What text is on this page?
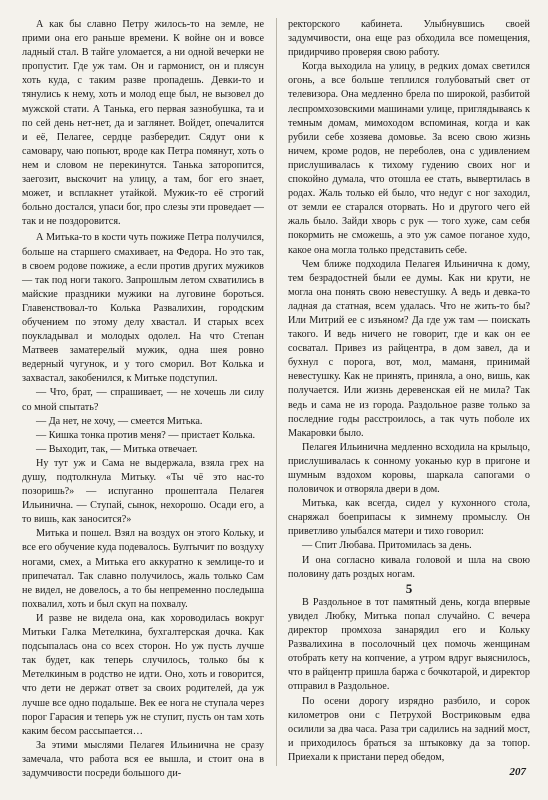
А как бы славно Петру жилось-то на земле, не прими она его раньше времени. К войне он и вовсе ладный стал. В тайге уломается, а ни одной вечерки не пропустит. Где уж там. Он и гармонист, он и плясун хоть куда, с таким разве пропадешь. Девки-то и тянулись к нему, хоть и молод еще был, не вызовел до мужской стати. А Танька, его первая зазнобушка, та и по сей день нет-нет, да и заглянет. Войдет, опечалится и её, Пелагее, сердце разбередит. Сядут они к самовару, чаю попьют, вроде как Петра помянут, хоть о нем и словом не перекинутся. Танька заторопится, заегозит, выскочит на улицу, а там, бог его знает, может, и всплакнет утайкой. Мужик-то её строгий больно достался, упаси бог, про слезы эти проведает — так и не поздоровится.

А Митька-то в кости чуть пожиже Петра получился, больше на старшего смахивает, на Федора. Но это так, в своем родове пожиже, а если против других мужиков — так под ноги такого. Запрошлым летом схватились в майские праздники мужики на луговине бороться. Главенствовал-то Колька Развалихин, городским обучением по этому делу хвастал. И старых всех поукладывал и молодых одолел. На что Степан Матвеев заматерелый мужик, одна шея ровно ведерный чугунок, и у того сморил. Вот Колька и захвастал, закобенился, к Митьке подступил.

— Что, брат, — спрашивает, — не хочешь ли силу со мной спытать?

— Да нет, не хочу, — смеется Митька.

— Кишка тонка против меня? — пристает Колька.

— Выходит, так, — Митька отвечает.

Ну тут уж и Сама не выдержала, взяла грех на душу, подтолкнула Митьку. «Ты чё это нас-то позоришь?» — испуганно прошептала Пелагея Ильинична. — Ступай, сынок, нехорошо. Осади его, а то вишь, как заносится?»

Митька и пошел. Взял на воздух он этого Кольку, и все его обучение куда подевалось. Бултычит по воздуху ногами, смех, а Митька его аккуратно к землице-то и припечатал. Так славно получилось, жаль только Сам не видел, не довелось, а то бы непременно последыша похвалил, хоть и был скуп на похвалу.

И разве не видела она, как хороводилась вокруг Митьки Галка Метелкина, бухгалтерская дочка. Как подсыпалась она со всех сторон. Но уж пусть лучше так будет, как теперь случилось, только бы к Метелкиным в родство не идти. Оно, хоть и говорится, что дети не держат ответ за своих родителей, да уж лучше все одно подальше. Век ее нога не ступала через порог Гарасия и теперь уж не ступит, пусть он там хоть каким бесом рассыпается…

За этими мыслями Пелагея Ильинична не сразу замечала, что работа вся ее вышла, и стоит она в задумчивости посреди большого ди-

ректорского кабинета. Улыбнувшись своей задумчивости, она еще раз обходила все помещения, придирчиво проверяя свою работу.

Когда выходила на улицу, в редких домах светился огонь, а все больше теплился голубоватый свет от телевизора. Она медленно брела по широкой, разбитой леспромхозовскими машинами улице, приглядываясь к темным домам, мимоходом вспоминая, когда и как рубили себе хозяева домовье. За всею свою жизнь ничем, кроме родов, не переболев, она с удивлением прислушивалась к тихому гудению своих ног и спокойно думала, что отошла ее стать, вывертилась в родах. Жаль только ей было, что недуг с ног заходил, от земли ее старался оторвать. Но и другого чего ей жаль было. Зайди хворь с рук — того хуже, сам себя покормить не сможешь, а это уж самое поганое худо, какое она могла только представить себе.

Чем ближе подходила Пелагея Ильинична к дому, тем безрадостней были ее думы. Как ни крути, не могла она понять свою невестушку. А ведь и девка-то ладная да статная, всем удалась. Что не жить-то бы? Или Митрий ее с изъяном? Да где уж там — поискать такого. И ведь ничего не говорит, где и как он ее сосватал. Привез из райцентра, в дом завел, да и бухнул с порога, вот, мол, маманя, принимай невестушку. Как не принять, приняла, а оно, вишь, как получается. Или жизнь деревенская ей не мила? Так ведь и сама не из города. Раздольное разве только за последние годы расстроилось, а так чуть поболе их Макаровки было.

Пелагея Ильинична медленно всходила на крыльцо, прислушивалась к сонному уоканью кур в пригоне и шумным вздохом коровы, шаркала сапогами о половичок и отворяла двери в дом.

Митька, как всегда, сидел у кухонного стола, снаряжал боеприпасы к зимнему промыслу. Он приветливо улыбался матери и тихо говорил:

— Спит Любава. Притомилась за день.

И она согласно кивала головой и шла на свою половину дать роздых ногам.

5

В Раздольное в тот памятный день, когда впервые увидел Любку, Митька попал случайно. С вечера директор промхоза занарядил его и Кольку Развалихина в посолочный цех помочь женщинам отобрать кету на копчение, а утром вдруг выяснилось, что в райцентр пришла баржа с бочкотарой, и директор отправил в Раздольное.

По осени дорогу изрядно разбило, и сорок километров они с Петрухой Востриковым едва осилили за два часа. Раза три садились на задний мост, и приходилось браться за штыковку да за топор. Приехали к пристани перед обедом,

207
